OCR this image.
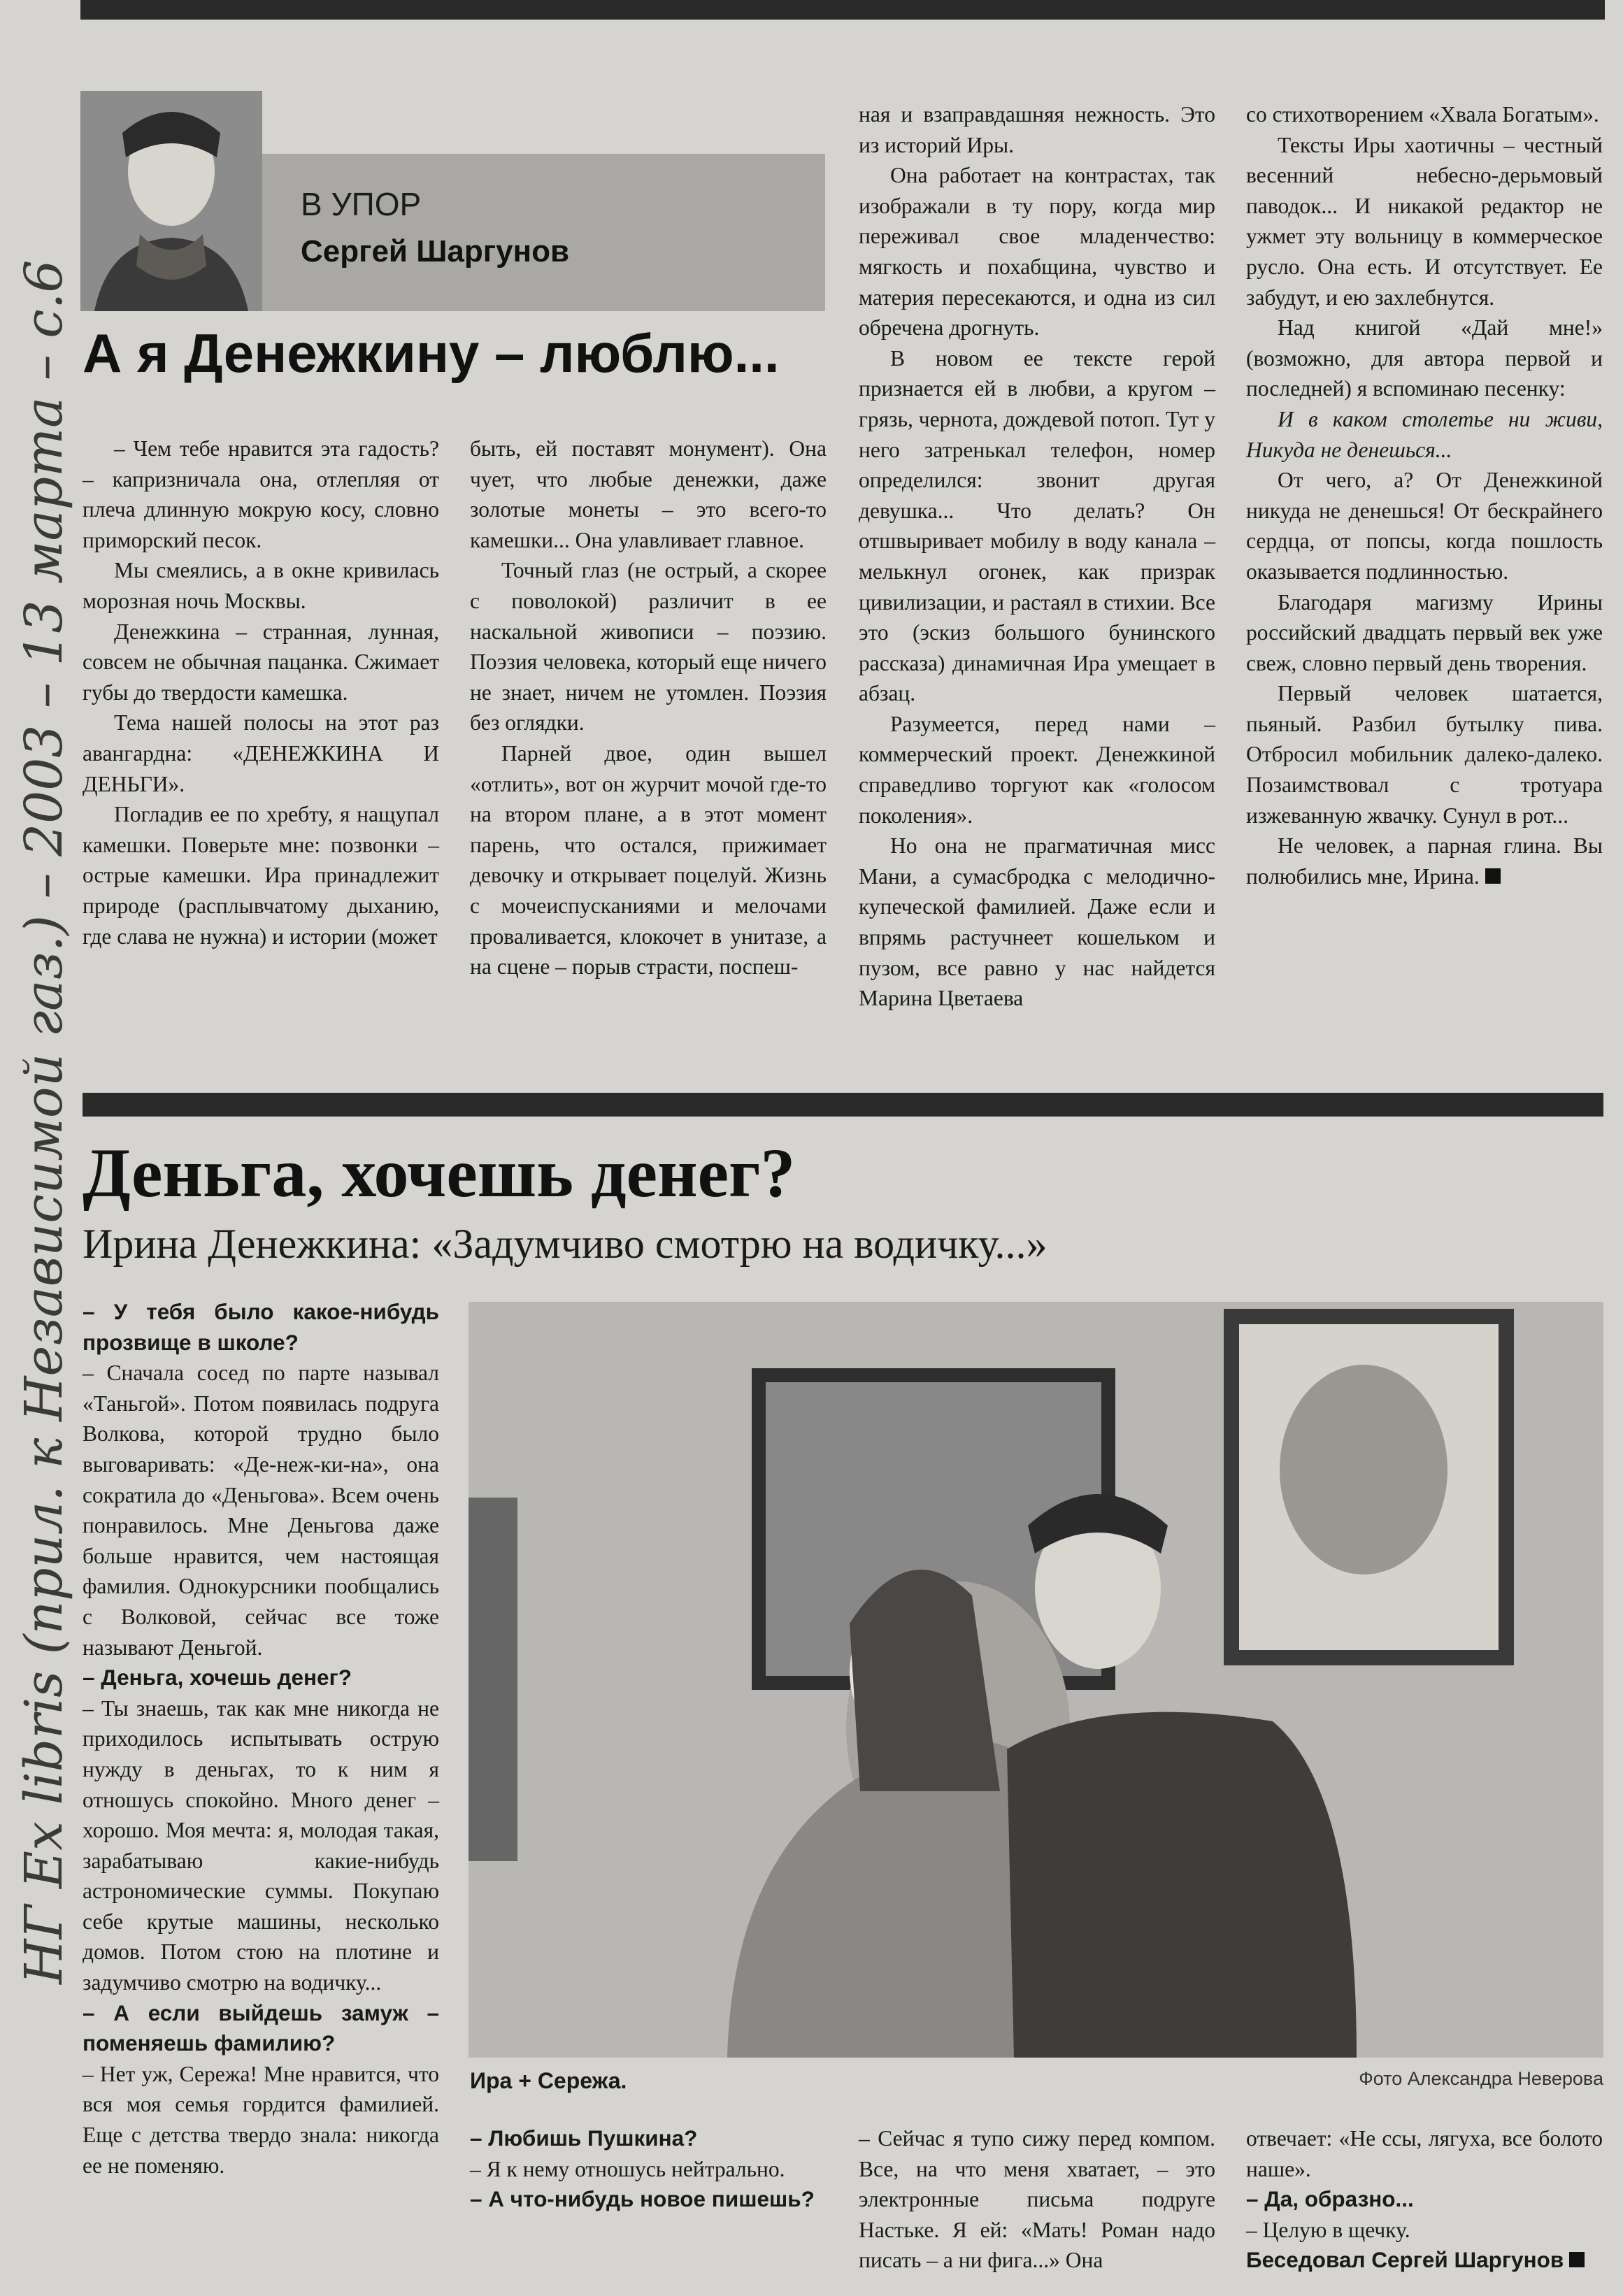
НГ Ex libris (прил. к Независимой газ.) – 2003 – 13 марта – с.6
В УПОР
Сергей Шаргунов
А я Денежкину – люблю...

– Чем тебе нравится эта гадость? – капризничала она, отлепляя от плеча длинную мокрую косу, словно приморский песок.

Мы смеялись, а в окне кривилась морозная ночь Москвы.

Денежкина – странная, лунная, совсем не обычная пацанка. Сжимает губы до твердости камешка.

Тема нашей полосы на этот раз авангардна: «ДЕНЕЖКИНА И ДЕНЬГИ».

Погладив ее по хребту, я нащупал камешки. Поверьте мне: позвонки – острые камешки. Ира принадлежит природе (расплывчатому дыханию, где слава не нужна) и истории (может

быть, ей поставят монумент). Она чует, что любые денежки, даже золотые монеты – это всего-то камешки... Она улавливает главное.

Точный глаз (не острый, а скорее с поволокой) различит в ее наскальной живописи – поэзию. Поэзия человека, который еще ничего не знает, ничем не утомлен. Поэзия без оглядки.

Парней двое, один вышел «отлить», вот он журчит мочой где-то на втором плане, а в этот момент парень, что остался, прижимает девочку и открывает поцелуй. Жизнь с мочеиспусканиями и мелочами проваливается, клокочет в унитазе, а на сцене – порыв страсти, поспеш-

ная и взаправдашняя нежность. Это из историй Иры.

Она работает на контрастах, так изображали в ту пору, когда мир переживал свое младенчество: мягкость и похабщина, чувство и материя пересекаются, и одна из сил обречена дрогнуть.

В новом ее тексте герой признается ей в любви, а кругом – грязь, чернота, дождевой потоп. Тут у него затренькал телефон, номер определился: звонит другая девушка... Что делать? Он отшвыривает мобилу в воду канала – мелькнул огонек, как призрак цивилизации, и растаял в стихии. Все это (эскиз большого бунинского рассказа) динамичная Ира умещает в абзац.

Разумеется, перед нами – коммерческий проект. Денежкиной справедливо торгуют как «голосом поколения».

Но она не прагматичная мисс Мани, а сумасбродка с мелодично-купеческой фамилией. Даже если и впрямь растучнеет кошельком и пузом, все равно у нас найдется Марина Цветаева

со стихотворением «Хвала Богатым».

Тексты Иры хаотичны – честный весенний небесно-дерьмовый паводок... И никакой редактор не ужмет эту вольницу в коммерческое русло. Она есть. И отсутствует. Ее забудут, и ею захлебнутся.

Над книгой «Дай мне!» (возможно, для автора первой и последней) я вспоминаю песенку:

И в каком столетье ни живи, Никуда не денешься...

От чего, а? От Денежкиной никуда не денешься! От бескрайнего сердца, от попсы, когда пошлость оказывается подлинностью.

Благодаря магизму Ирины российский двадцать первый век уже свеж, словно первый день творения.

Первый человек шатается, пьяный. Разбил бутылку пива. Отбросил мобильник далеко-далеко. Позаимствовал с тротуара изжеванную жвачку. Сунул в рот...

Не человек, а парная глина. Вы полюбились мне, Ирина.

Деньга, хочешь денег?
Ирина Денежкина: «Задумчиво смотрю на водичку...»
Ира + Сережа.	Фото Александра Неверова

– У тебя было какое-нибудь прозвище в школе?

– Сначала сосед по парте называл «Таньгой». Потом появилась подруга Волкова, которой трудно было выговаривать: «Де-неж-ки-на», она сократила до «Деньгова». Всем очень понравилось. Мне Деньгова даже больше нравится, чем настоящая фамилия. Однокурсники пообщались с Волковой, сейчас все тоже называют Деньгой.

– Деньга, хочешь денег?

– Ты знаешь, так как мне никогда не приходилось испытывать острую нужду в деньгах, то к ним я отношусь спокойно. Много денег – хорошо. Моя мечта: я, молодая такая, зарабатываю какие-нибудь астрономические суммы. Покупаю себе крутые машины, несколько домов. Потом стою на плотине и задумчиво смотрю на водичку...

– А если выйдешь замуж – поменяешь фамилию?

– Нет уж, Сережа! Мне нравится, что вся моя семья гордится фамилией. Еще с детства твердо знала: никогда ее не поменяю.

– Любишь Пушкина?

– Я к нему отношусь нейтрально.

– А что-нибудь новое пишешь?

– Сейчас я тупо сижу перед компом. Все, на что меня хватает, – это электронные письма подруге Настьке. Я ей: «Мать! Роман надо писать – а ни фига...» Она

отвечает: «Не ссы, лягуха, все болото наше».

– Да, образно...

– Целую в щечку.

Беседовал Сергей Шаргунов
